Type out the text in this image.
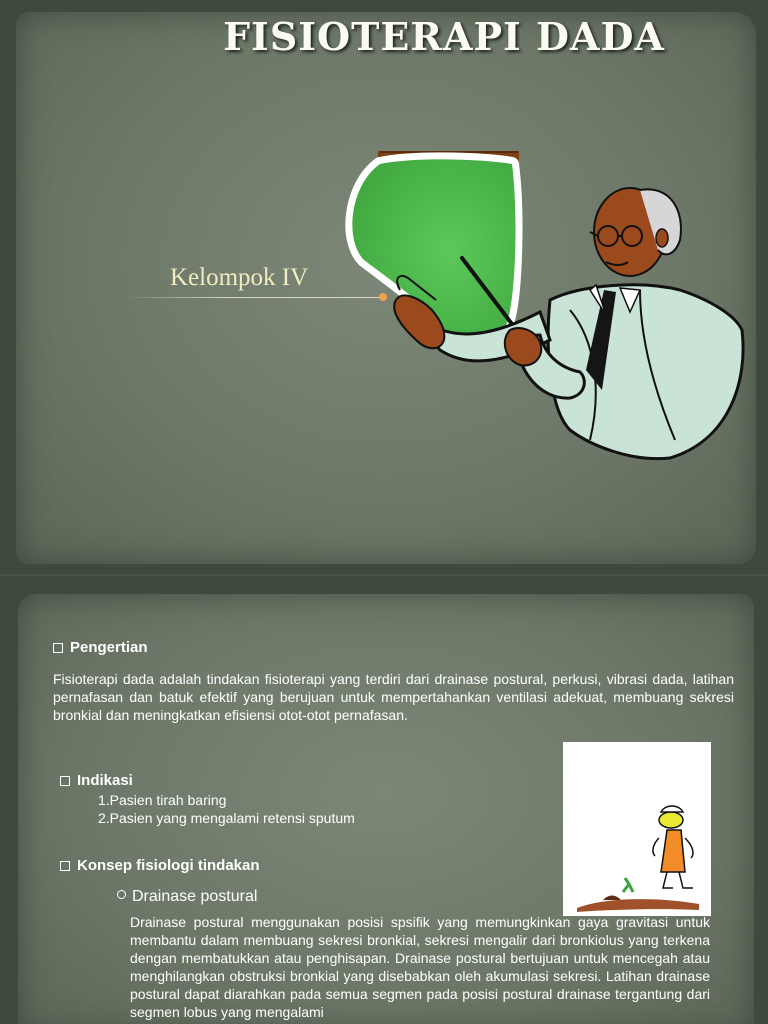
FISIOTERAPI DADA
Kelompok IV
Pengertian
Fisioterapi dada adalah tindakan fisioterapi yang terdiri dari drainase postural, perkusi, vibrasi dada, latihan pernafasan dan batuk efektif yang berujuan untuk mempertahankan ventilasi adekuat, membuang sekresi bronkial dan meningkatkan efisiensi otot-otot pernafasan.
Indikasi
1.Pasien tirah baring
2.Pasien yang mengalami retensi sputum
Konsep fisiologi tindakan
Drainase postural
Drainase postural menggunakan posisi spsifik yang memungkinkan gaya gravitasi untuk membantu dalam membuang sekresi bronkial, sekresi mengalir dari bronkiolus yang terkena dengan membatukkan atau penghisapan. Drainase postural bertujuan untuk mencegah atau menghilangkan obstruksi bronkial yang disebabkan oleh akumulasi sekresi. Latihan drainase postural dapat diarahkan pada semua segmen pada posisi postural drainase tergantung dari segmen lobus yang mengalami
